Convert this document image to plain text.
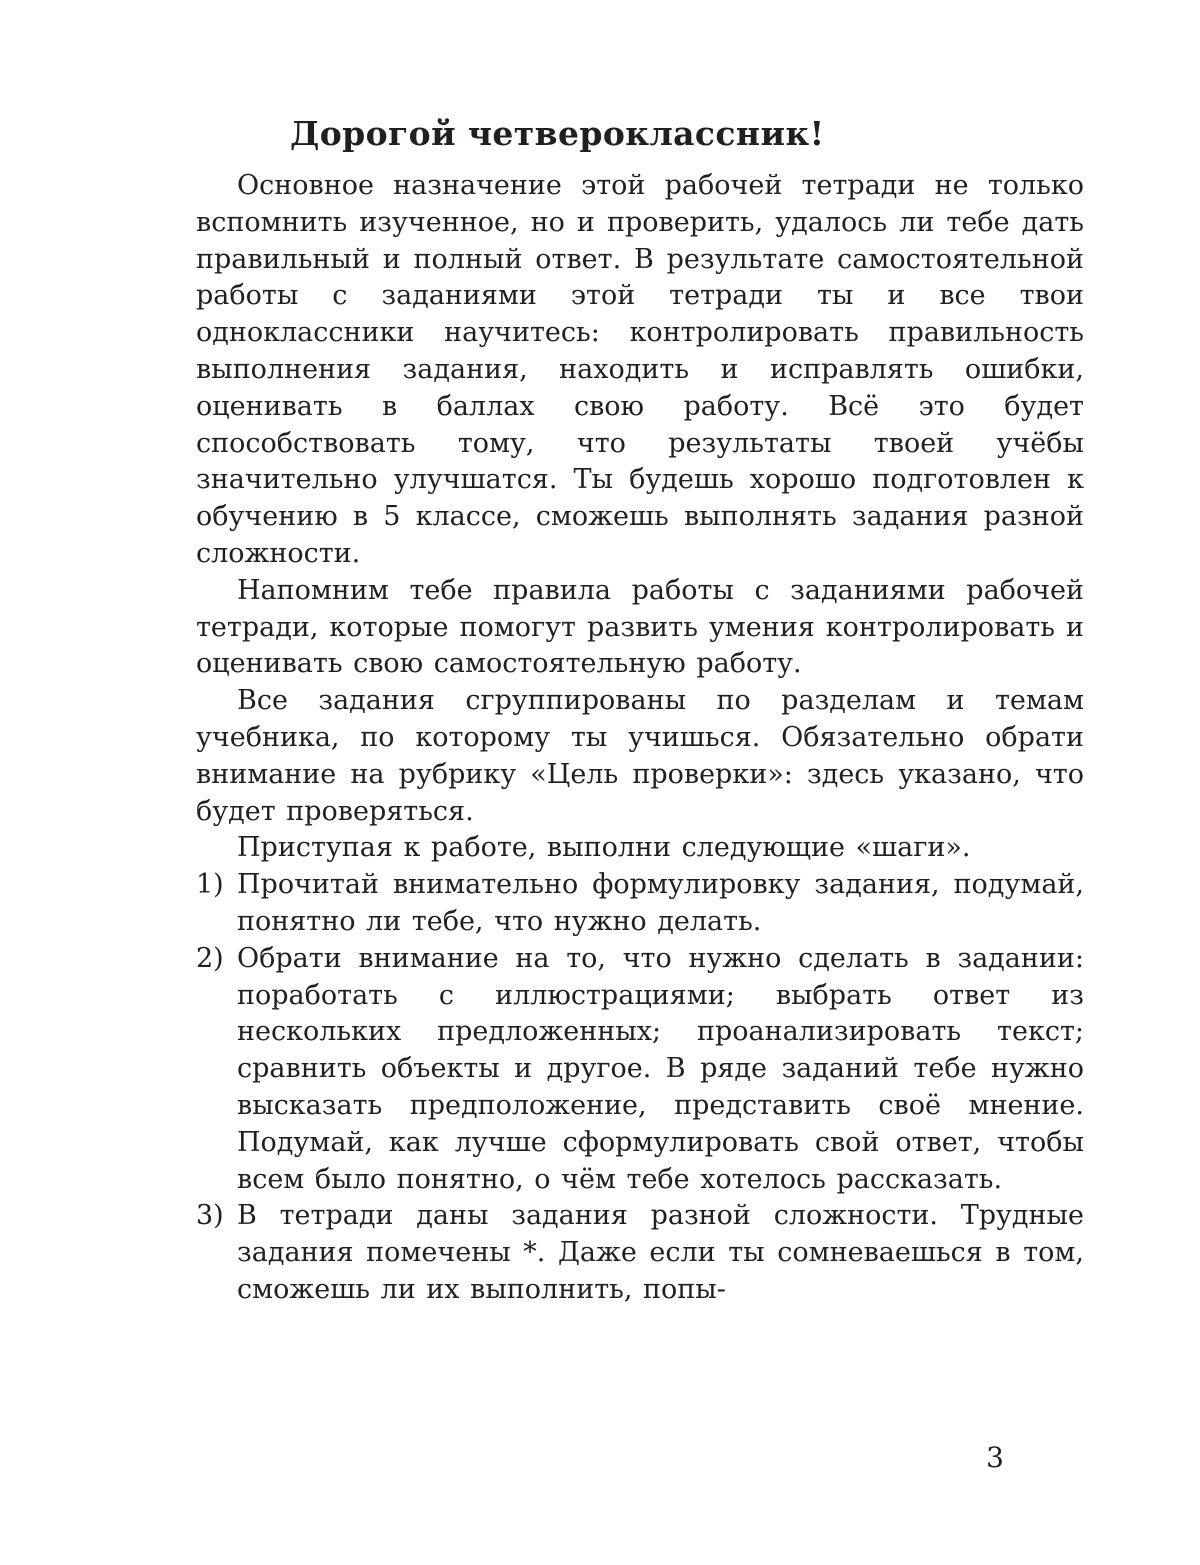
Дорогой четвероклассник!

Основное назначение этой рабочей тетради не только вспомнить изученное, но и проверить, удалось ли тебе дать правильный и полный ответ. В результате самостоятельной работы с заданиями этой тетради ты и все твои одноклассники научитесь: контролировать правильность выполнения задания, находить и исправлять ошибки, оценивать в баллах свою работу. Всё это будет способствовать тому, что результаты твоей учёбы значительно улучшатся. Ты будешь хорошо подготовлен к обучению в 5 классе, сможешь выполнять задания разной сложности.

Напомним тебе правила работы с заданиями рабочей тетради, которые помогут развить умения контролировать и оценивать свою самостоятельную работу.

Все задания сгруппированы по разделам и темам учебника, по которому ты учишься. Обязательно обрати внимание на рубрику «Цель проверки»: здесь указано, что будет проверяться.

Приступая к работе, выполни следующие «шаги».

1) Прочитай внимательно формулировку задания, подумай, понятно ли тебе, что нужно делать.
2) Обрати внимание на то, что нужно сделать в задании: поработать с иллюстрациями; выбрать ответ из нескольких предложенных; проанализировать текст; сравнить объекты и другое. В ряде заданий тебе нужно высказать предположение, представить своё мнение. Подумай, как лучше сформулировать свой ответ, чтобы всем было понятно, о чём тебе хотелось рассказать.
3) В тетради даны задания разной сложности. Трудные задания помечены *. Даже если ты сомневаешься в том, сможешь ли их выполнить, попы-
3
